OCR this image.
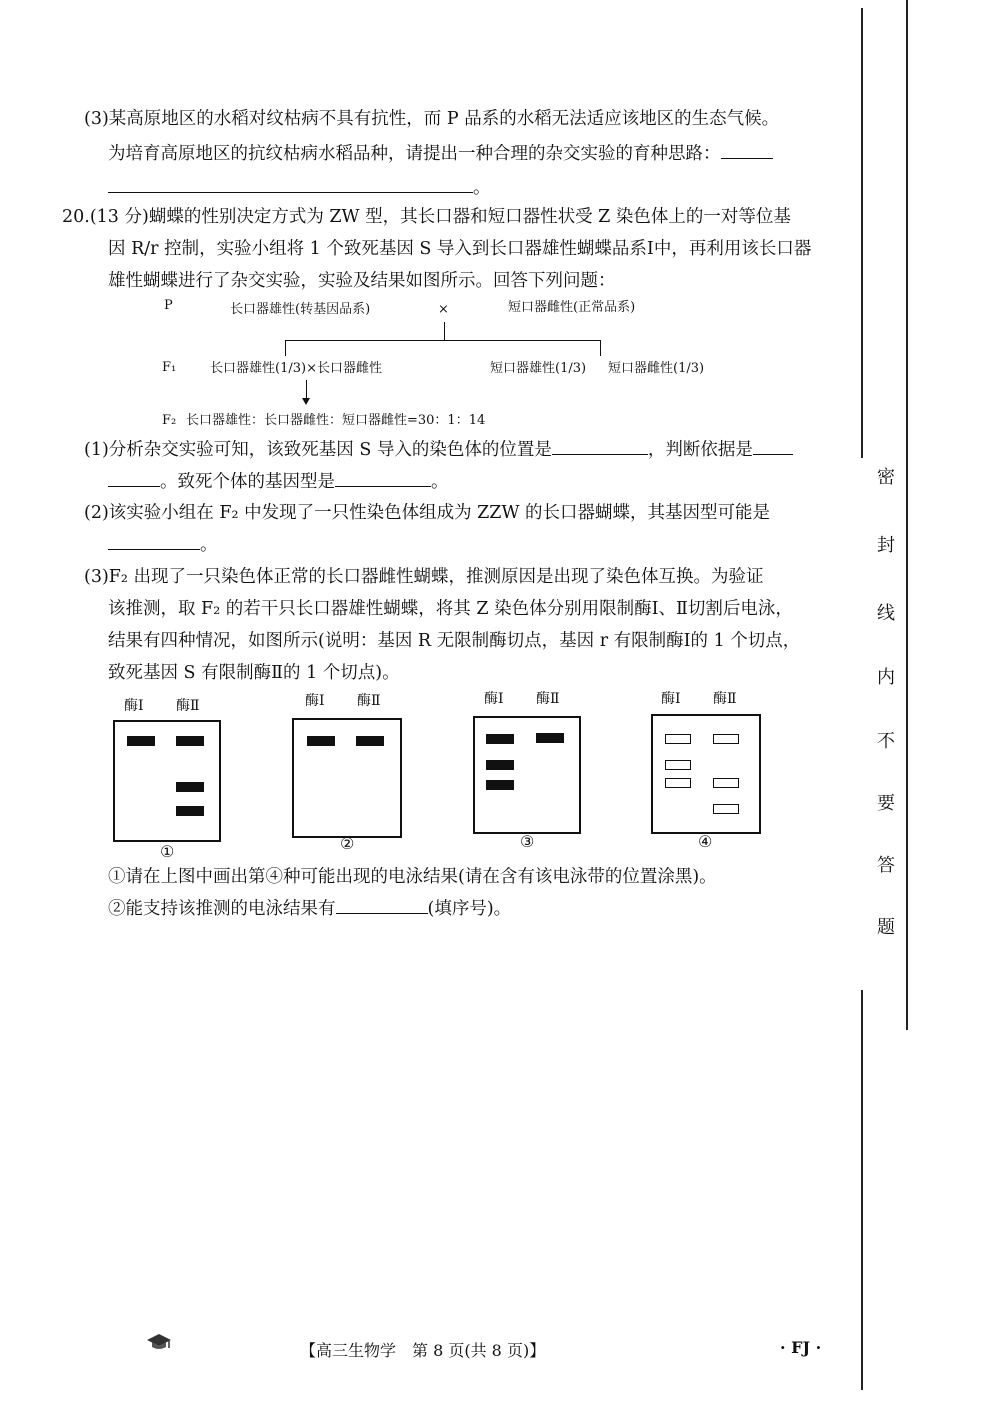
(3)某高原地区的水稻对纹枯病不具有抗性，而 P 品系的水稻无法适应该地区的生态气候。
为培育高原地区的抗纹枯病水稻品种，请提出一种合理的杂交实验的育种思路：
。
20.(13 分)蝴蝶的性别决定方式为 ZW 型，其长口器和短口器性状受 Z 染色体上的一对等位基
因 R/r 控制，实验小组将 1 个致死基因 S 导入到长口器雄性蝴蝶品系Ⅰ中，再利用该长口器
雄性蝴蝶进行了杂交实验，实验及结果如图所示。回答下列问题：
P	长口器雄性(转基因品系)	×	短口器雌性(正常品系)
F₁	长口器雄性(1/3)×长口器雌性	短口器雄性(1/3) 短口器雌性(1/3)
F₂ 长口器雄性：长口器雌性：短口器雌性=30：1：14
(1)分析杂交实验可知，该致死基因 S 导入的染色体的位置是	，判断依据是
。致死个体的基因型是	。
(2)该实验小组在 F₂ 中发现了一只性染色体组成为 ZZW 的长口器蝴蝶，其基因型可能是
。
(3)F₂ 出现了一只染色体正常的长口器雌性蝴蝶，推测原因是出现了染色体互换。为验证
该推测，取 F₂ 的若干只长口器雄性蝴蝶，将其 Z 染色体分别用限制酶Ⅰ、Ⅱ切割后电泳，
结果有四种情况，如图所示(说明：基因 R 无限制酶切点，基因 r 有限制酶Ⅰ的 1 个切点，
致死基因 S 有限制酶Ⅱ的 1 个切点)。
酶Ⅰ 酶Ⅱ
①
酶Ⅰ 酶Ⅱ
②
酶Ⅰ 酶Ⅱ
③
酶Ⅰ 酶Ⅱ
④
①请在上图中画出第④种可能出现的电泳结果(请在含有该电泳带的位置涂黑)。
②能支持该推测的电泳结果有	(填序号)。
密
封
线
内
不
要
答
题
【高三生物学　第 8 页(共 8 页)】	· FJ ·
